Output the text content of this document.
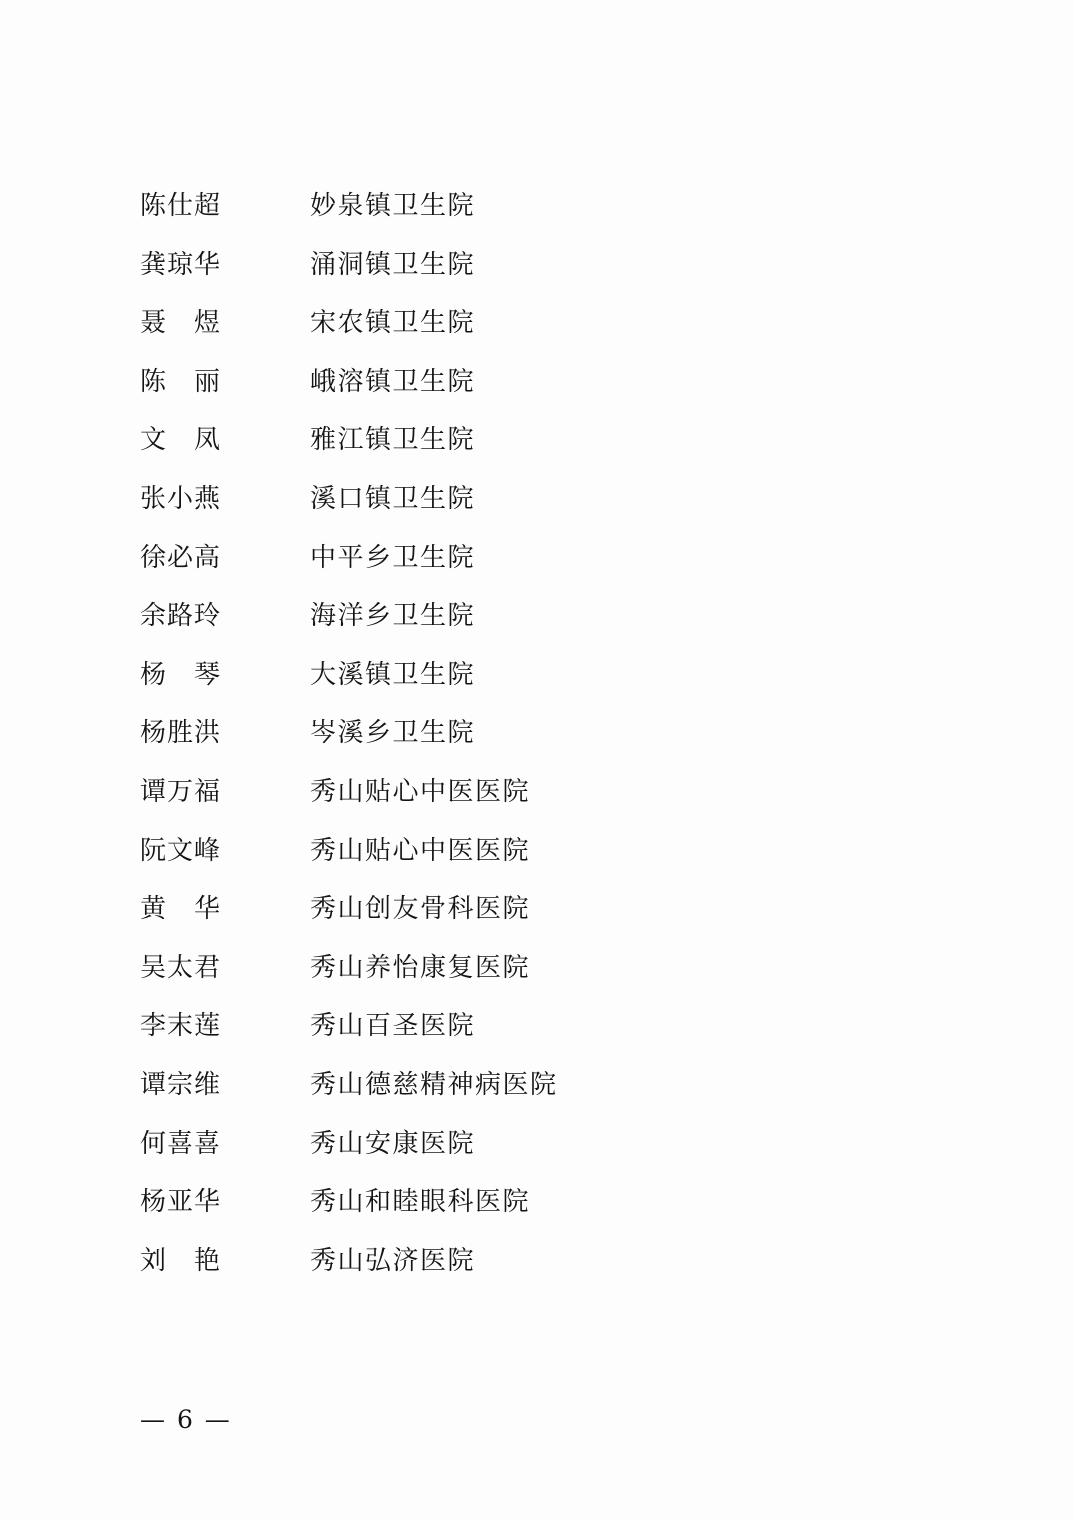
陈仕超	妙泉镇卫生院
龚琼华	涌洞镇卫生院
聂　煜	宋农镇卫生院
陈　丽	峨溶镇卫生院
文　凤	雅江镇卫生院
张小燕	溪口镇卫生院
徐必高	中平乡卫生院
余路玲	海洋乡卫生院
杨　琴	大溪镇卫生院
杨胜洪	岑溪乡卫生院
谭万福	秀山贴心中医医院
阮文峰	秀山贴心中医医院
黄　华	秀山创友骨科医院
吴太君	秀山养怡康复医院
李末莲	秀山百圣医院
谭宗维	秀山德慈精神病医院
何喜喜	秀山安康医院
杨亚华	秀山和睦眼科医院
刘　艳	秀山弘济医院
— 6 —
